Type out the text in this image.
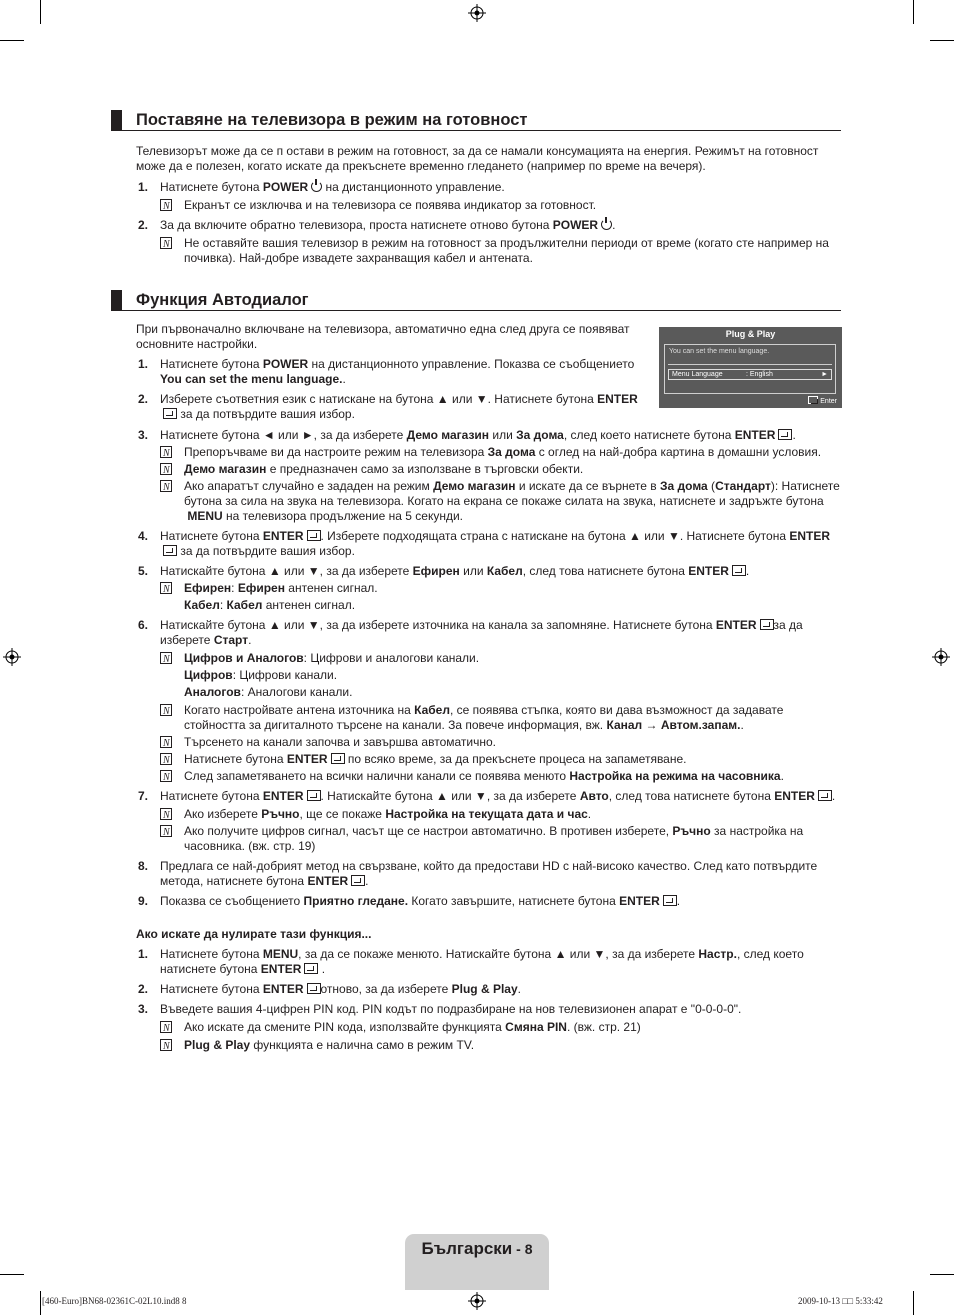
Поставяне на телевизора в режим на готовност

Телевизорът може да се п остави в режим на готовност, за да се намали консумацията на енергия. Режимът на готовност може да е полезен, когато искате да прекъснете временно гледането (например по време на вечеря).

1. Натиснете бутона POWER на дистанционното управление.
N
Екранът се изключва и на телевизора се появява индикатор за готовност.
2. За да включите обратно телевизора, проста натиснете отново бутона POWER .
N
Не оставяйте вашия телевизор в режим на готовност за продължителни периоди от време (когато сте например на почивка). Най-добре извадете захранващия кабел и антената.
Функция Автодиалог
Plug & Play
You can set the menu language.
Menu Language	: English	►
Enter

При първоначално включване на телевизора, автоматично една след друга се появяват основните настройки.

1. Натиснете бутона POWER на дистанционното управление. Показва се съобщението You can set the menu language..
2. Изберете съответния език с натискане на бутона ▲ или ▼. Натиснете бутона ENTER за да потвърдите вашия избор.
3. Натиснете бутона ◄ или ►, за да изберете Демо магазин или За дома, след което натиснете бутона ENTER .
N
Препоръчваме ви да настроите режим на телевизора За дома с оглед на най-добра картина в домашни условия.
N
Демо магазин е предназначен само за използване в търговски обекти.
N
Ако апаратът случайно е зададен на режим Демо магазин и искате да се върнете в За дома (Стандарт): Натиснете бутона за сила на звука на телевизора. Когато на екрана се покаже силата на звука, натиснете и задръжте бутона  MENU на телевизора продължение на 5 секунди.
4. Натиснете бутона ENTER . Изберете подходящата страна с натискане на бутона ▲ или ▼. Натиснете бутона ENTER за да потвърдите вашия избор.
5. Натискайте бутона ▲ или ▼, за да изберете Ефирен или Кабел, след това натиснете бутона ENTER .
N
Ефирен: Ефирен антенен сигнал.
Кабел: Кабел антенен сигнал.
6. Натискайте бутона ▲ или ▼, за да изберете източника на канала за запомняне. Натиснете бутона ENTER за да изберете Старт.
N
Цифров и Аналогов: Цифрови и аналогови канали.
Цифров: Цифрови канали.
Аналогов: Аналогови канали.
N
Когато настройвате антена източника на Кабел, се появява стъпка, която ви дава възможност да задавате стойността за дигиталното търсене на канали. За повече информация, вж. Канал → Автом.запам..
N
Търсенето на канали започва и завършва автоматично.
N
Натиснете бутона ENTER по всяко време, за да прекъснете процеса на запаметяване.
N
След запаметяването на всички налични канали се появява менюто Настройка на режима на часовника.
7. Натиснете бутона ENTER . Натискайте бутона ▲ или ▼, за да изберете Авто, след това натиснете бутона ENTER .
N
Ако изберете Ръчно, ще се покаже Настройка на текущата дата и час.
N
Ако получите цифров сигнал, часът ще се настрои автоматично. В противен изберете, Ръчно за настройка на часовника. (вж. стр. 19)
8. Предлага се най-добрият метод на свързване, който да предостави HD с най-високо качество. След като потвърдите метода, натиснете бутона ENTER .
9. Показва се съобщението Приятно гледане. Когато завършите, натиснете бутона ENTER .

Ако искате да нулирате тази функция...

1. Натиснете бутона MENU, за да се покаже менюто. Натискайте бутона ▲ или ▼, за да изберете Настр., след което натиснете бутона ENTER .
2. Натиснете бутона ENTER отново, за да изберете Plug & Play.
3. Въведете вашия 4-цифрен PIN код. PIN кодът по подразбиране на нов телевизионен апарат е "0-0-0-0".
N
Ако искате да смените PIN кода, използвайте функцията Смяна PIN. (вж. стр. 21)
N
Plug & Play функцията е налична само в режим TV.
Български - 8
[460-Euro]BN68-02361C-02L10.ind8 8	2009-10-13 □□ 5:33:42
